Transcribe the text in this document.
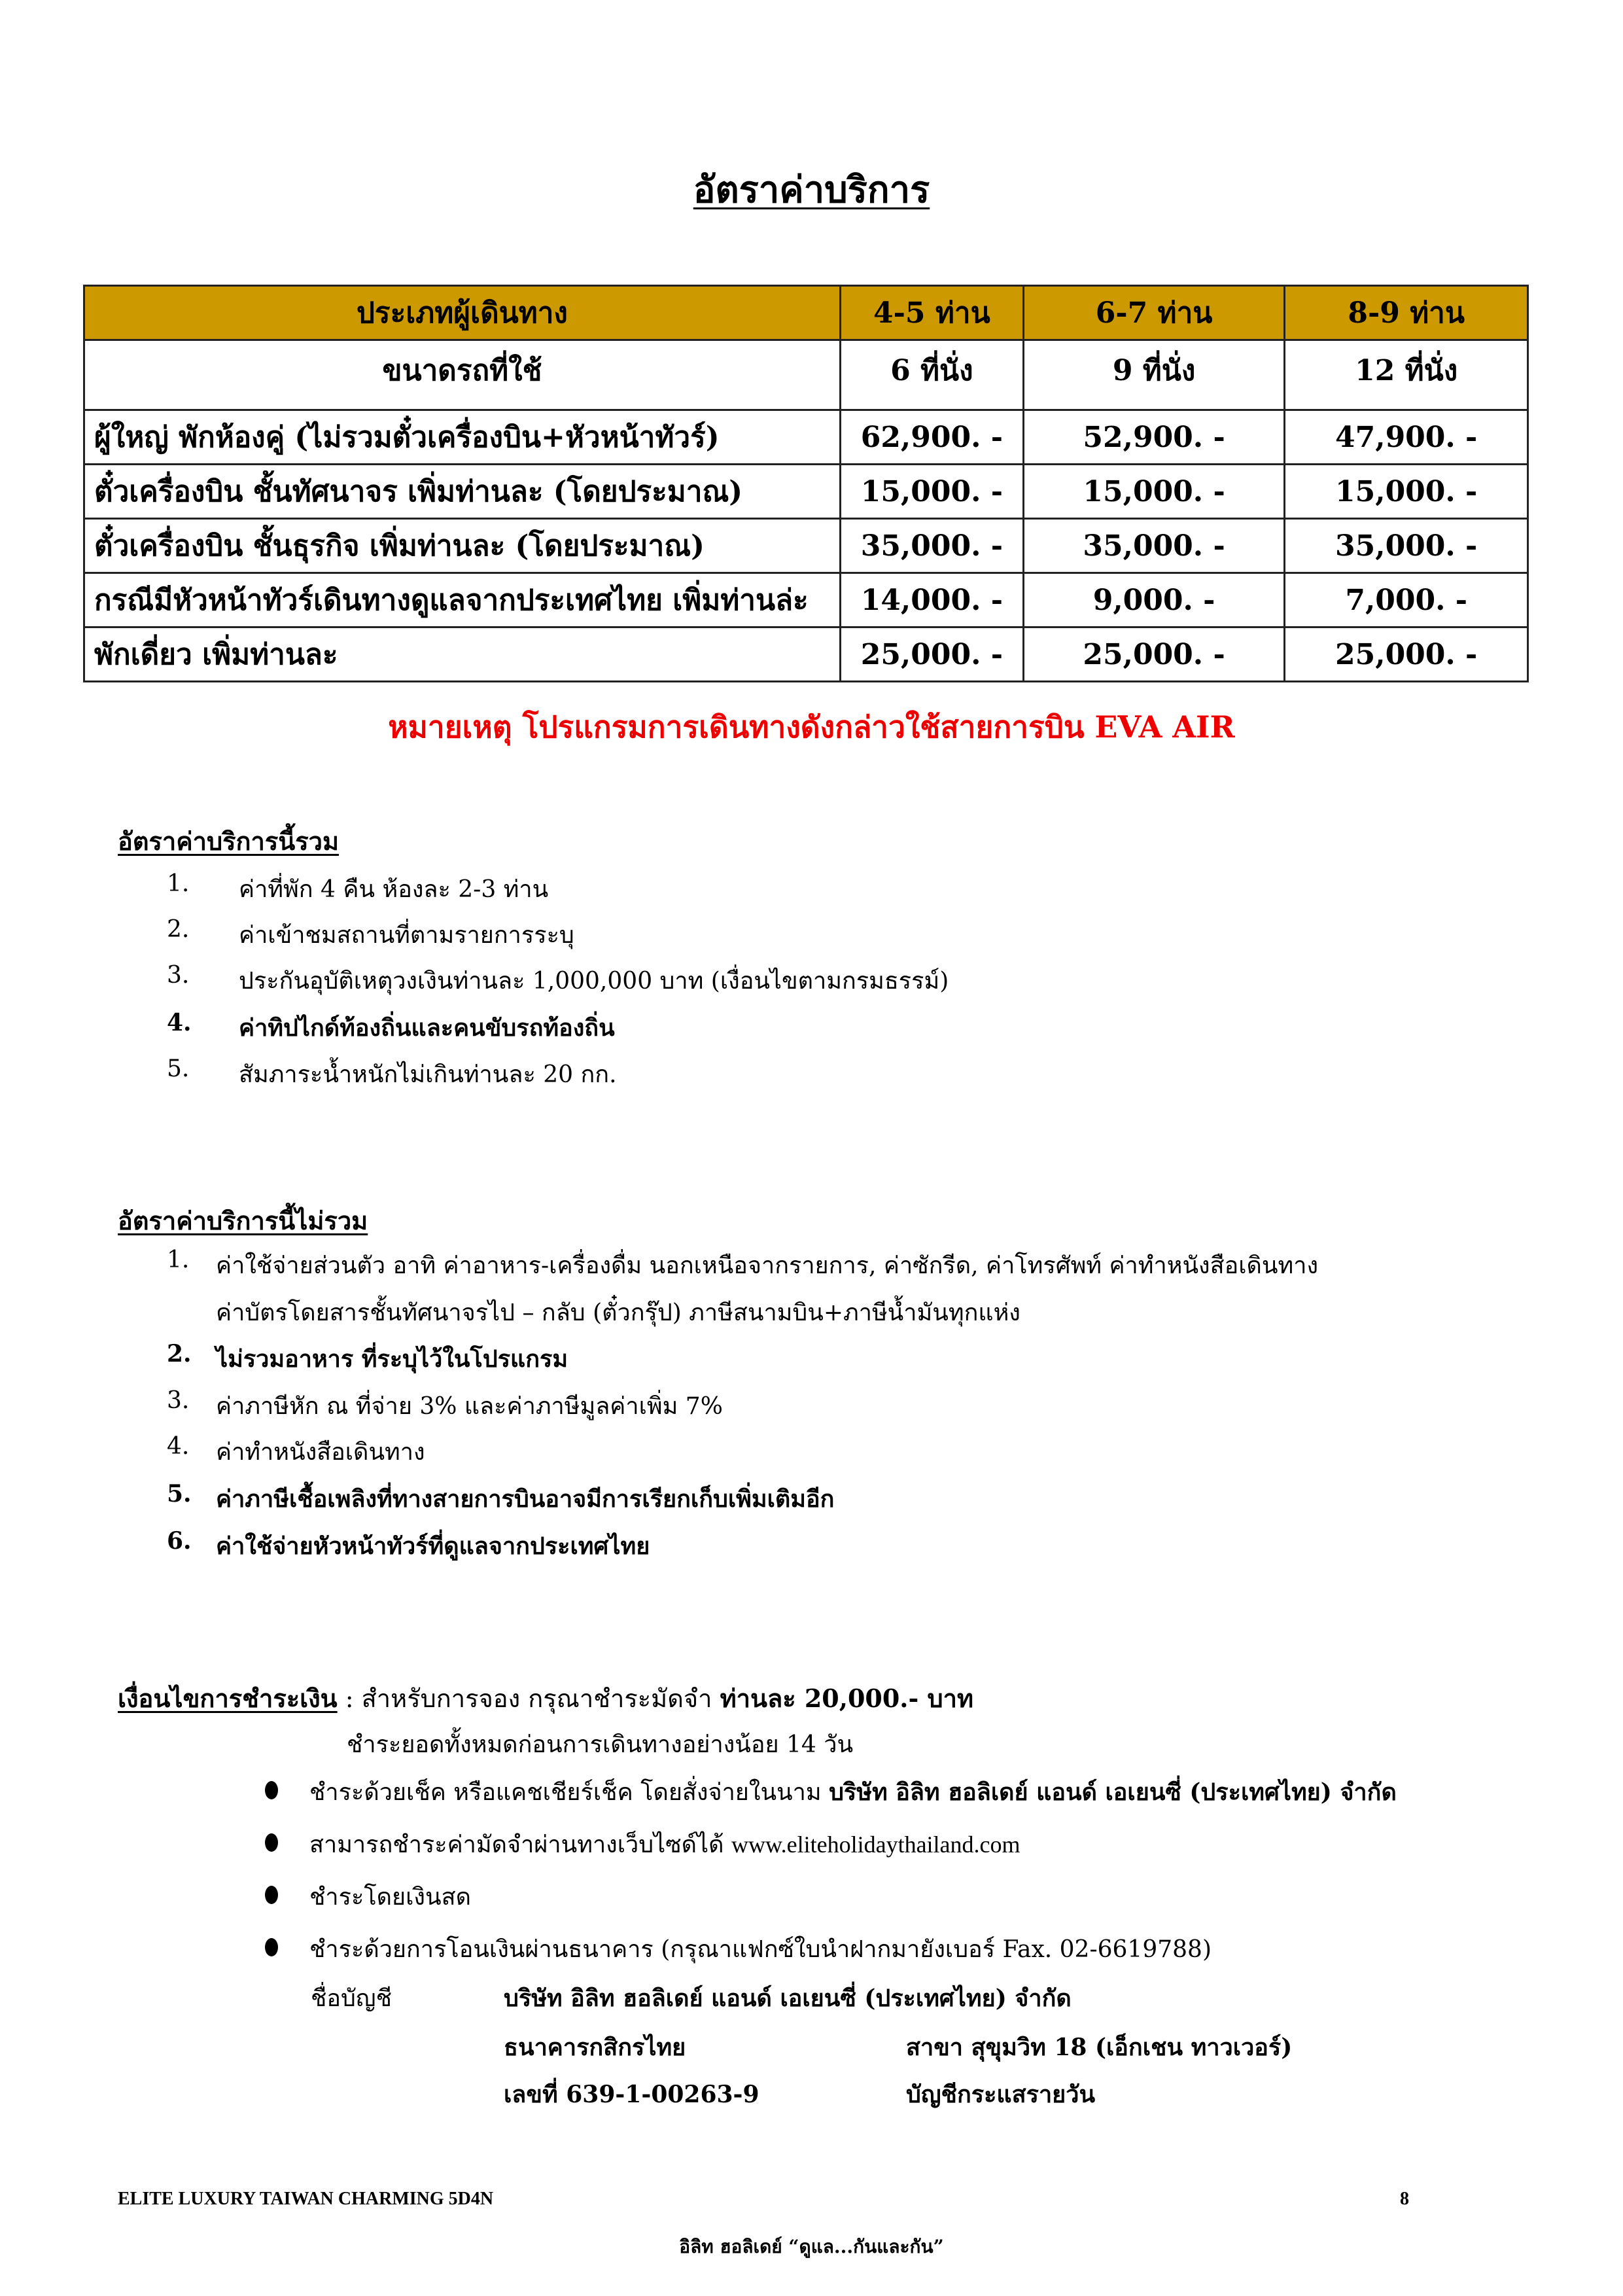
อัตราค่าบริการ
ประเภทผู้เดินทาง	4-5 ท่าน	6-7 ท่าน	8-9 ท่าน
ขนาดรถที่ใช้	6 ที่นั่ง	9 ที่นั่ง	12 ที่นั่ง
ผู้ใหญ่ พักห้องคู่ (ไม่รวมตั๋วเครื่องบิน+หัวหน้าทัวร์)	62,900. -	52,900. -	47,900. -
ตั๋วเครื่องบิน ชั้นทัศนาจร เพิ่มท่านละ (โดยประมาณ)	15,000. -	15,000. -	15,000. -
ตั๋วเครื่องบิน ชั้นธุรกิจ เพิ่มท่านละ (โดยประมาณ)	35,000. -	35,000. -	35,000. -
กรณีมีหัวหน้าทัวร์เดินทางดูแลจากประเทศไทย เพิ่มท่านล่ะ	14,000. -	9,000. -	7,000. -
พักเดี่ยว เพิ่มท่านละ	25,000. -	25,000. -	25,000. -
หมายเหตุ โปรแกรมการเดินทางดังกล่าวใช้สายการบิน EVA AIR
อัตราค่าบริการนี้รวม
1. ค่าที่พัก 4 คืน ห้องละ 2-3 ท่าน
2. ค่าเข้าชมสถานที่ตามรายการระบุ
3. ประกันอุบัติเหตุวงเงินท่านละ 1,000,000 บาท (เงื่อนไขตามกรมธรรม์)
4. ค่าทิปไกด์ท้องถิ่นและคนขับรถท้องถิ่น
5. สัมภาระน้ำหนักไม่เกินท่านละ 20 กก.
อัตราค่าบริการนี้ไม่รวม
1. ค่าใช้จ่ายส่วนตัว อาทิ ค่าอาหาร-เครื่องดื่ม นอกเหนือจากรายการ, ค่าซักรีด, ค่าโทรศัพท์ ค่าทำหนังสือเดินทาง
ค่าบัตรโดยสารชั้นทัศนาจรไป – กลับ (ตั๋วกรุ๊ป) ภาษีสนามบิน+ภาษีน้ำมันทุกแห่ง
2. ไม่รวมอาหาร ที่ระบุไว้ในโปรแกรม
3. ค่าภาษีหัก ณ ที่จ่าย 3% และค่าภาษีมูลค่าเพิ่ม 7%
4. ค่าทำหนังสือเดินทาง
5. ค่าภาษีเชื้อเพลิงที่ทางสายการบินอาจมีการเรียกเก็บเพิ่มเติมอีก
6. ค่าใช้จ่ายหัวหน้าทัวร์ที่ดูแลจากประเทศไทย
เงื่อนไขการชำระเงิน : สำหรับการจอง กรุณาชำระมัดจำ ท่านละ 20,000.- บาท
ชำระยอดทั้งหมดก่อนการเดินทางอย่างน้อย 14 วัน
ชำระด้วยเช็ค หรือแคชเชียร์เช็ค โดยสั่งจ่ายในนาม บริษัท อิลิท ฮอลิเดย์ แอนด์ เอเยนซี่ (ประเทศไทย) จำกัด
สามารถชำระค่ามัดจำผ่านทางเว็บไซด์ได้ www.eliteholidaythailand.com
ชำระโดยเงินสด
ชำระด้วยการโอนเงินผ่านธนาคาร (กรุณาแฟกซ์ใบนำฝากมายังเบอร์ Fax. 02-6619788)
ชื่อบัญชี	บริษัท อิลิท ฮอลิเดย์ แอนด์ เอเยนซี่ (ประเทศไทย) จำกัด
ธนาคารกสิกรไทย	สาขา สุขุมวิท 18 (เอ็กเชน ทาวเวอร์)
เลขที่ 639-1-00263-9	บัญชีกระแสรายวัน
ELITE LUXURY TAIWAN CHARMING 5D4N	8
อิลิท ฮอลิเดย์ “ดูแล...กันและกัน”
